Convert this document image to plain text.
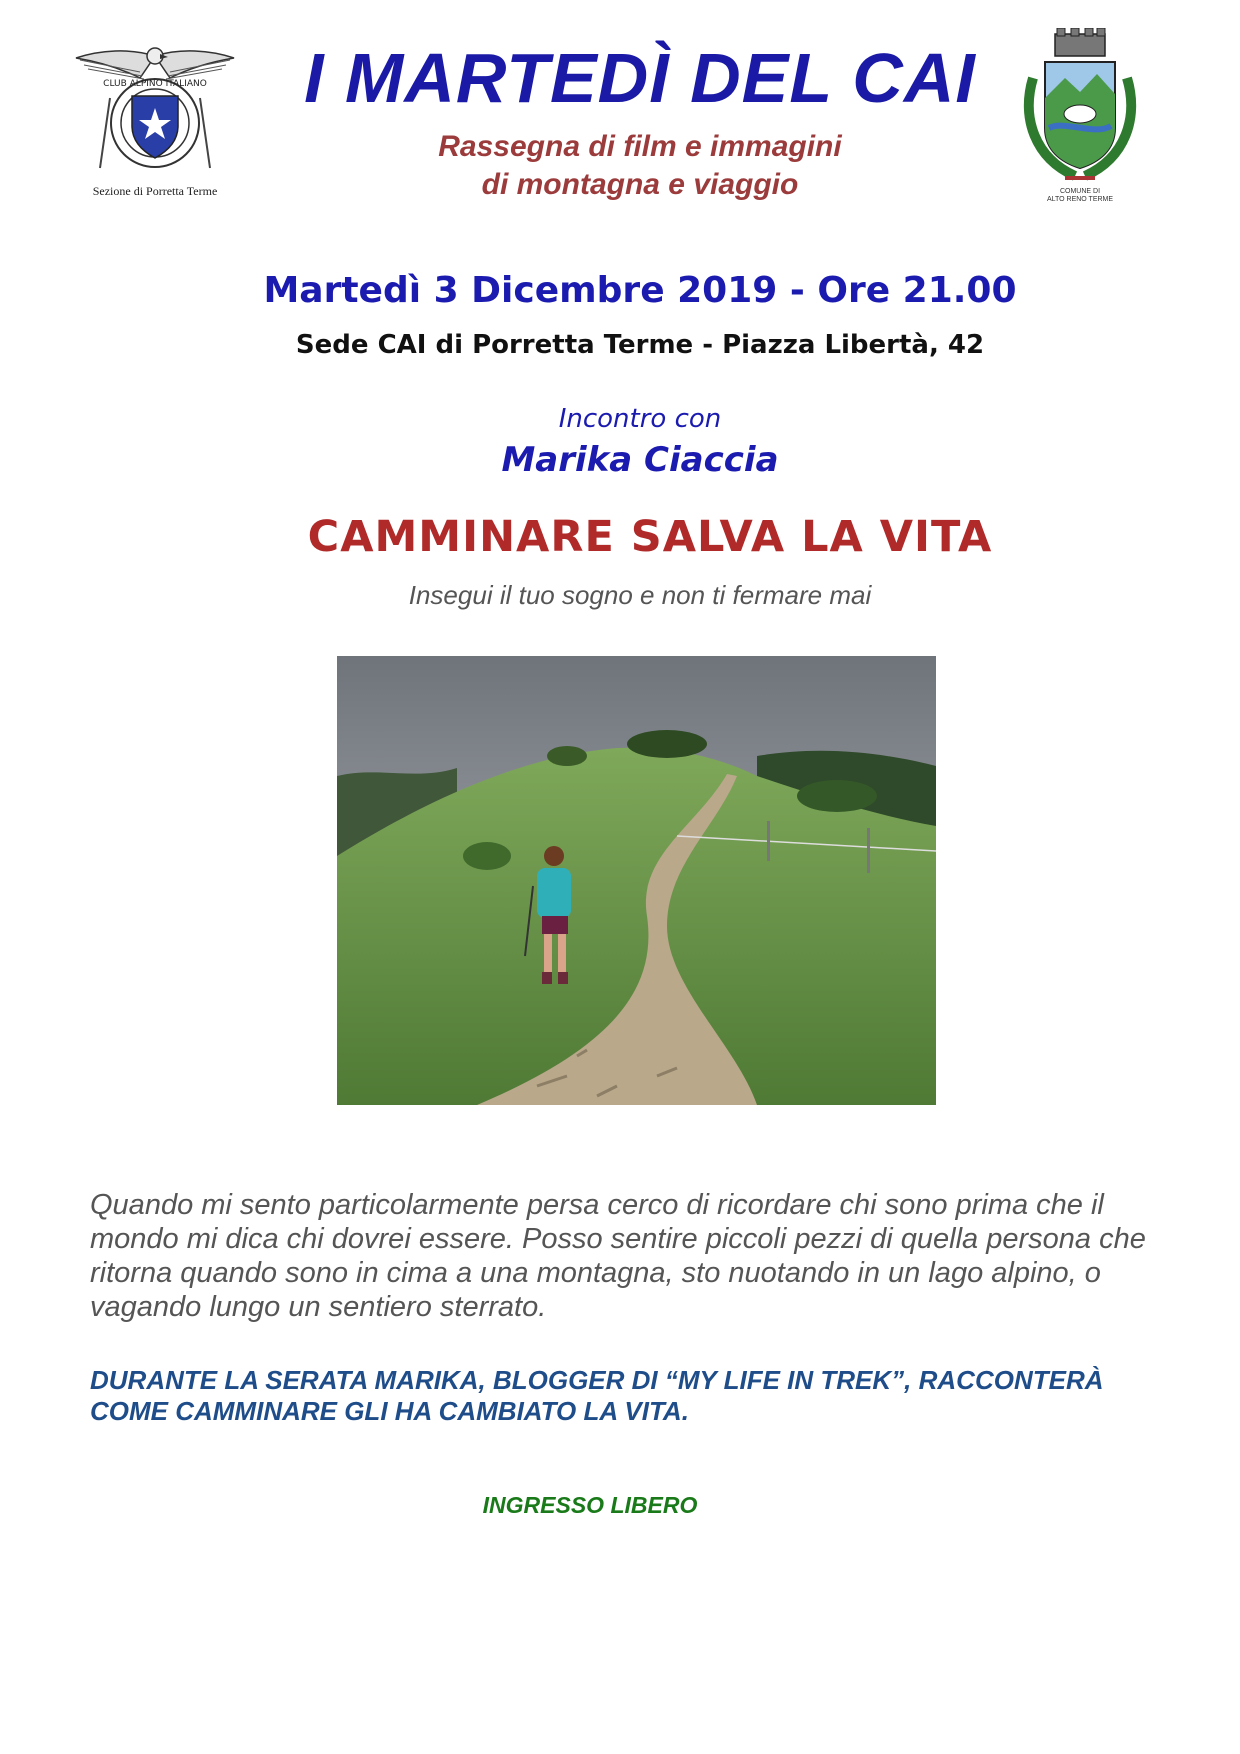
CLUB ALPINO ITALIANO
Sezione di Porretta Terme
I MARTEDÌ DEL CAI
Rassegna di film e immagini
di montagna e viaggio	COMUNE DI
ALTO RENO TERME
Martedì 3 Dicembre 2019 - Ore 21.00
Sede CAI di Porretta Terme - Piazza Libertà, 42
Incontro con
Marika Ciaccia
CAMMINARE SALVA LA VITA
Insegui il tuo sogno e non ti fermare mai
Quando mi sento particolarmente persa cerco di ricordare chi sono prima che il
mondo mi dica chi dovrei essere. Posso sentire piccoli pezzi di quella persona che
ritorna quando sono in cima a una montagna, sto nuotando in un lago alpino, o
vagando lungo un sentiero sterrato.
DURANTE LA SERATA MARIKA, BLOGGER DI “MY LIFE IN TREK”, RACCONTERÀ
COME CAMMINARE GLI HA CAMBIATO LA VITA.
INGRESSO LIBERO
